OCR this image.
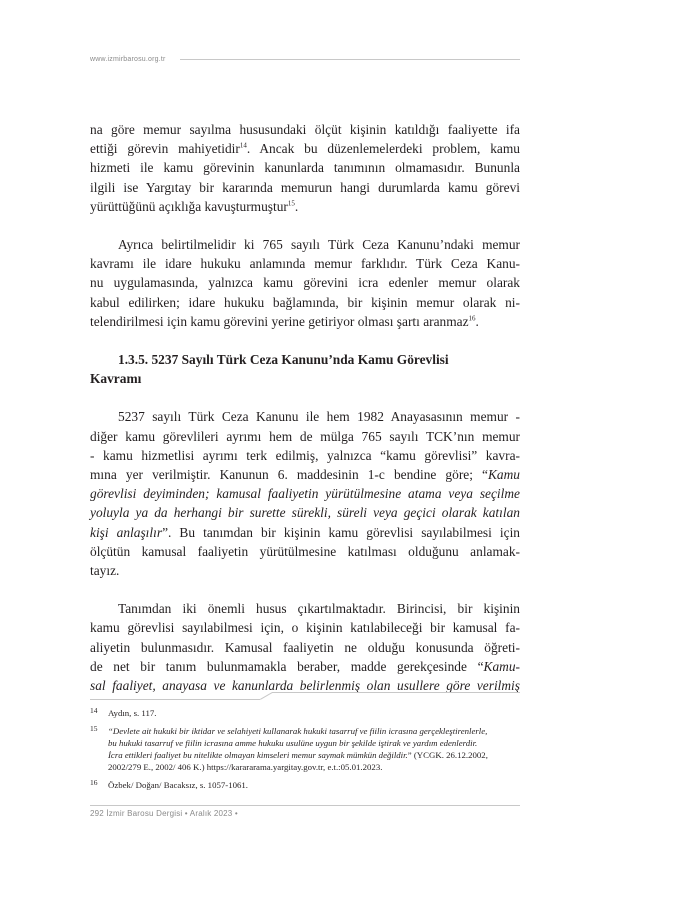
www.izmirbarosu.org.tr

na göre memur sayılma hususundaki ölçüt kişinin katıldığı faaliyette ifa
ettiği görevin mahiyetidir$^{14}$. Ancak bu düzenlemelerdeki problem, kamu
hizmeti ile kamu görevinin kanunlarda tanımının olmamasıdır. Bununla
ilgili ise Yargıtay bir kararında memurun hangi durumlarda kamu görevi
yürüttüğünü açıklığa kavuşturmuştur$^{15}$.

Ayrıca belirtilmelidir ki 765 sayılı Türk Ceza Kanunu’ndaki memur
kavramı ile idare hukuku anlamında memur farklıdır. Türk Ceza Kanu-
nu uygulamasında, yalnızca kamu görevini icra edenler memur olarak
kabul edilirken; idare hukuku bağlamında, bir kişinin memur olarak ni-
telendirilmesi için kamu görevini yerine getiriyor olması şartı aranmaz$^{16}$.

1.3.5. 5237 Sayılı Türk Ceza Kanunu’nda Kamu Görevlisi
Kavramı

5237 sayılı Türk Ceza Kanunu ile hem 1982 Anayasasının memur -
diğer kamu görevlileri ayrımı hem de mülga 765 sayılı TCK’nın memur
- kamu hizmetlisi ayrımı terk edilmiş, yalnızca “kamu görevlisi” kavra-
mına yer verilmiştir. Kanunun 6. maddesinin 1-c bendine göre; “Kamu
görevlisi deyiminden; kamusal faaliyetin yürütülmesine atama veya seçilme
yoluyla ya da herhangi bir surette sürekli, süreli veya geçici olarak katılan
kişi anlaşılır”. Bu tanımdan bir kişinin kamu görevlisi sayılabilmesi için
ölçütün kamusal faaliyetin yürütülmesine katılması olduğunu anlamak-
tayız.

Tanımdan iki önemli husus çıkartılmaktadır. Birincisi, bir kişinin
kamu görevlisi sayılabilmesi için, o kişinin katılabileceği bir kamusal fa-
aliyetin bulunmasıdır. Kamusal faaliyetin ne olduğu konusunda öğreti-
de net bir tanım bulunmamakla beraber, madde gerekçesinde “Kamu-
sal faaliyet, anayasa ve kanunlarda belirlenmiş olan usullere göre verilmiş

14 Aydın, s. 117.
15 “Devlete ait hukuki bir iktidar ve selahiyeti kullanarak hukuki tasarruf ve fiilin icrasına gerçekleştirenlerle,
bu hukuki tasarruf ve fiilin icrasına amme hukuku usulüne uygun bir şekilde iştirak ve yardım edenlerdir.
İcra ettikleri faaliyet bu nitelikte olmayan kimseleri memur saymak mümkün değildir.” (YCGK. 26.12.2002,
2002/279 E., 2002/ 406 K.) https://karararama.yargitay.gov.tr, e.t.:05.01.2023.
16 Özbek/ Doğan/ Bacaksız, s. 1057-1061.
292 İzmir Barosu Dergisi • Aralık 2023 •
